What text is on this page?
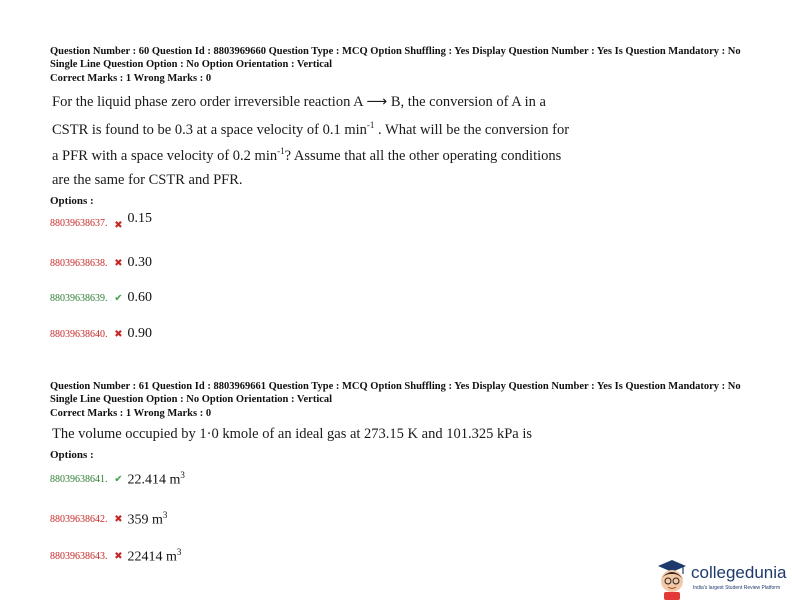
Question Number : 60 Question Id : 8803969660 Question Type : MCQ Option Shuffling : Yes Display Question Number : Yes Is Question Mandatory : No Single Line Question Option : No Option Orientation : Vertical

Correct Marks : 1 Wrong Marks : 0
For the liquid phase zero order irreversible reaction A ⟶ B, the conversion of A in a
CSTR is found to be 0.3 at a space velocity of 0.1 $\min^{-1}$ . What will be the conversion for
a PFR with a space velocity of 0.2 $\min^{-1}$? Assume that all the other operating conditions
are the same for CSTR and PFR.
Options :
88039638637. ✖ 0.15
88039638638. ✖ 0.30
88039638639. ✔ 0.60
88039638640. ✖ 0.90

Question Number : 61 Question Id : 8803969661 Question Type : MCQ Option Shuffling : Yes Display Question Number : Yes Is Question Mandatory : No Single Line Question Option : No Option Orientation : Vertical

Correct Marks : 1 Wrong Marks : 0
The volume occupied by 1·0 kmole of an ideal gas at 273.15 K and 101.325 kPa is
Options :
88039638641. ✔ 22.414 $m^3$
88039638642. ✖ 359 $m^3$
88039638643. ✖ 22414 $m^3$
collegedunia
India's largest Student Review Platform
